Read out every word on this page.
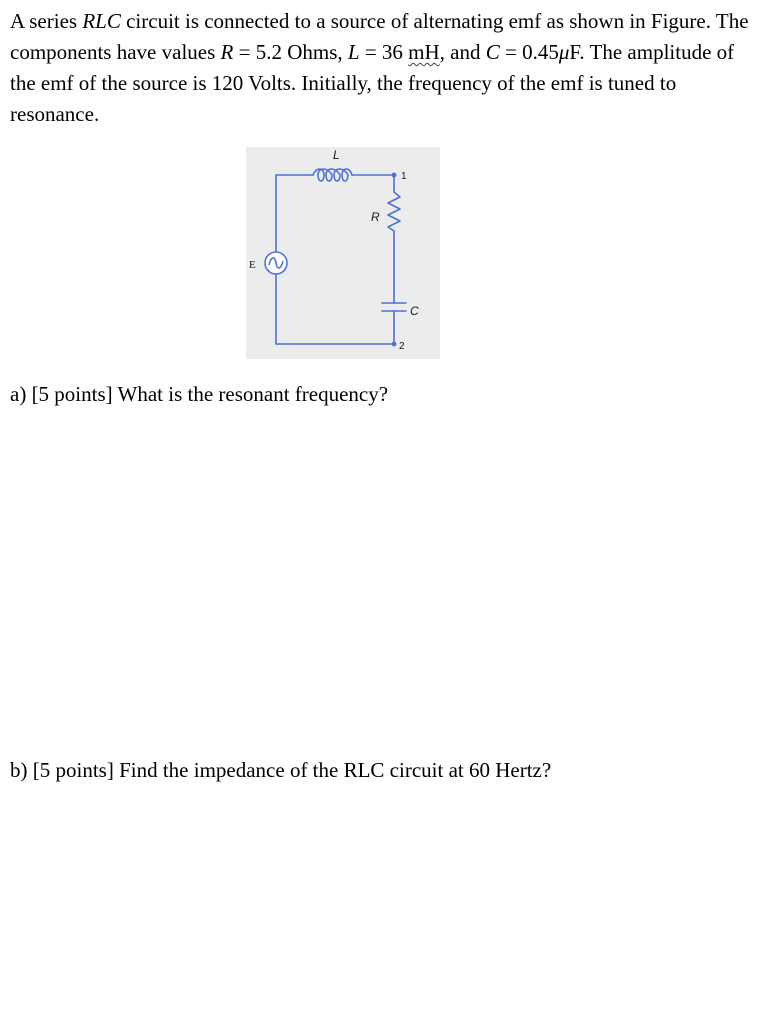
A series RLC circuit is connected to a source of alternating emf as shown in Figure. The components have values R = 5.2 Ohms, L = 36 mH, and C = 0.45μF. The amplitude of the emf of the source is 120 Volts. Initially, the frequency of the emf is tuned to resonance.

L
R
C
E
1
2

a) [5 points] What is the resonant frequency?

b) [5 points] Find the impedance of the RLC circuit at 60 Hertz?
